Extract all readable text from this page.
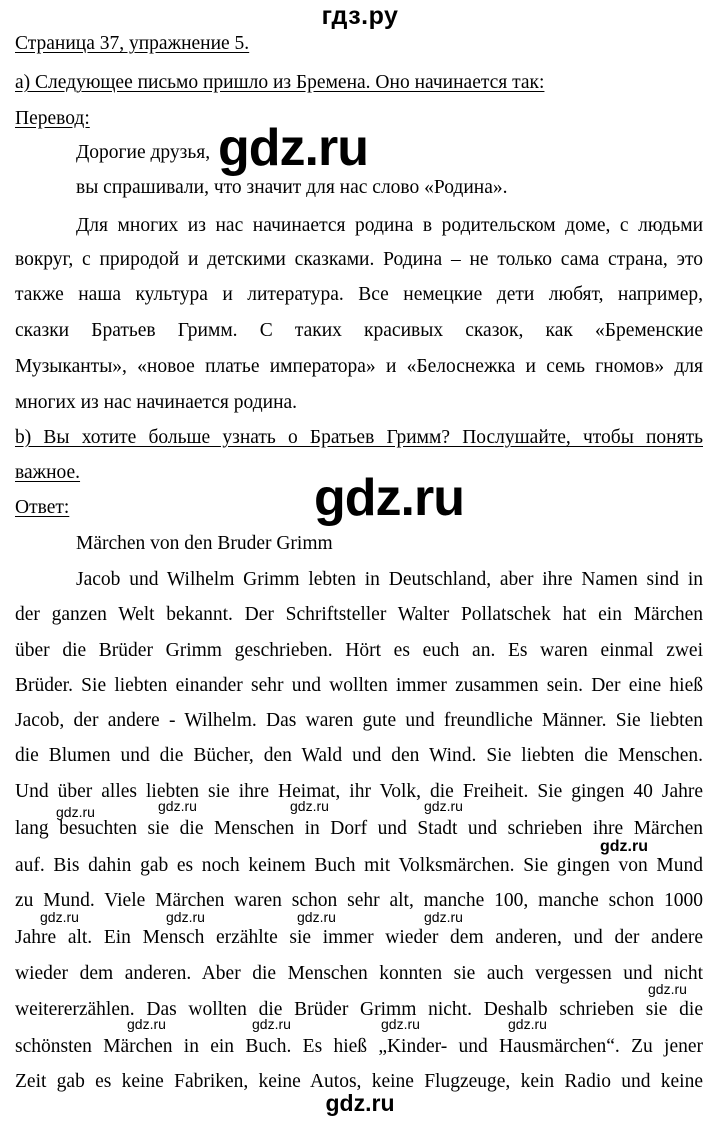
гдз.ру
Страница 37, упражнение 5.
а) Следующее письмо пришло из Бремена. Оно начинается так:
Перевод:
Дорогие друзья,
вы спрашивали, что значит для нас слово «Родина».
Для многих из нас начинается родина в родительском доме, с людьми
вокруг, с природой и детскими сказками. Родина – не только сама страна, это
также наша культура и литература. Все немецкие дети любят, например,
сказки Братьев Гримм. С таких красивых сказок, как «Бременские
Музыканты», «новое платье императора» и «Белоснежка и семь гномов» для
многих из нас начинается родина.
b) Вы хотите больше узнать о Братьев Гримм? Послушайте, чтобы понять
важное.
Ответ:
Märchen von den Bruder Grimm
Jacob und Wilhelm Grimm lebten in Deutschland, aber ihre Namen sind in
der ganzen Welt bekannt. Der Schriftsteller Walter Pollatschek hat ein Märchen
über die Brüder Grimm geschrieben. Hört es euch an. Es waren einmal zwei
Brüder. Sie liebten einander sehr und wollten immer zusammen sein. Der eine hieß
Jacob, der andere - Wilhelm. Das waren gute und freundliche Männer. Sie liebten
die Blumen und die Bücher, den Wald und den Wind. Sie liebten die Menschen.
Und über alles liebten sie ihre Heimat, ihr Volk, die Freiheit. Sie gingen 40 Jahre
lang besuchten sie die Menschen in Dorf und Stadt und schrieben ihre Märchen
auf. Bis dahin gab es noch keinem Buch mit Volksmärchen. Sie gingen von Mund
zu Mund. Viele Märchen waren schon sehr alt, manche 100, manche schon 1000
Jahre alt. Ein Mensch erzählte sie immer wieder dem anderen, und der andere
wieder dem anderen. Aber die Menschen konnten sie auch vergessen und nicht
weitererzählen. Das wollten die Brüder Grimm nicht. Deshalb schrieben sie die
schönsten Märchen in ein Buch. Es hieß „Kinder- und Hausmärchen“. Zu jener
Zeit gab es keine Fabriken, keine Autos, keine Flugzeuge, kein Radio und keine
gdz.ru
gdz.ru
gdz.ru	gdz.ru	gdz.ru	gdz.ru
gdz.ru
gdz.ru	gdz.ru	gdz.ru	gdz.ru
gdz.ru
gdz.ru	gdz.ru	gdz.ru	gdz.ru
gdz.ru
